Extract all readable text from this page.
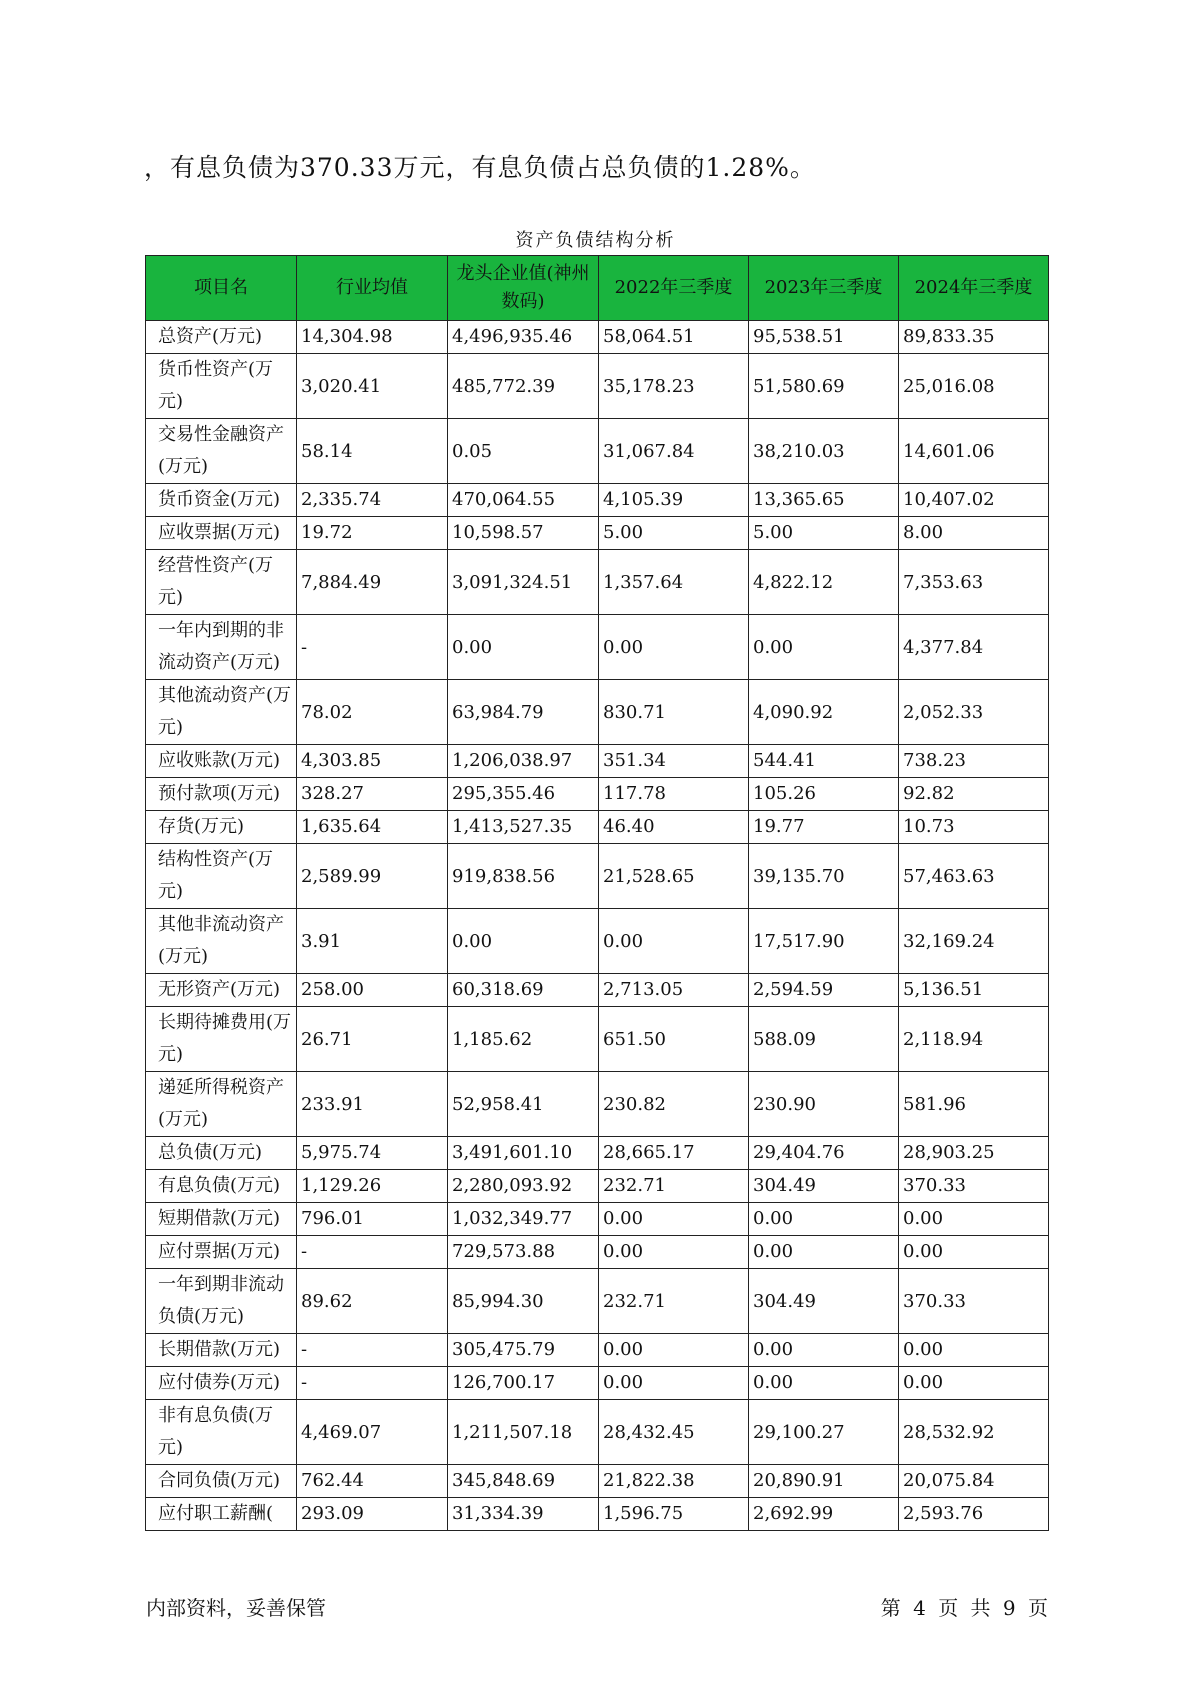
，有息负债为370.33万元，有息负债占总负债的1.28%。
资产负债结构分析
项目名	行业均值	龙头企业值(神州数码)	2022年三季度	2023年三季度	2024年三季度
总资产(万元)	14,304.98	4,496,935.46	58,064.51	95,538.51	89,833.35
货币性资产(万元)	3,020.41	485,772.39	35,178.23	51,580.69	25,016.08
交易性金融资产(万元)	58.14	0.05	31,067.84	38,210.03	14,601.06
货币资金(万元)	2,335.74	470,064.55	4,105.39	13,365.65	10,407.02
应收票据(万元)	19.72	10,598.57	5.00	5.00	8.00
经营性资产(万元)	7,884.49	3,091,324.51	1,357.64	4,822.12	7,353.63
一年内到期的非流动资产(万元)	-	0.00	0.00	0.00	4,377.84
其他流动资产(万元)	78.02	63,984.79	830.71	4,090.92	2,052.33
应收账款(万元)	4,303.85	1,206,038.97	351.34	544.41	738.23
预付款项(万元)	328.27	295,355.46	117.78	105.26	92.82
存货(万元)	1,635.64	1,413,527.35	46.40	19.77	10.73
结构性资产(万元)	2,589.99	919,838.56	21,528.65	39,135.70	57,463.63
其他非流动资产(万元)	3.91	0.00	0.00	17,517.90	32,169.24
无形资产(万元)	258.00	60,318.69	2,713.05	2,594.59	5,136.51
长期待摊费用(万元)	26.71	1,185.62	651.50	588.09	2,118.94
递延所得税资产(万元)	233.91	52,958.41	230.82	230.90	581.96
总负债(万元)	5,975.74	3,491,601.10	28,665.17	29,404.76	28,903.25
有息负债(万元)	1,129.26	2,280,093.92	232.71	304.49	370.33
短期借款(万元)	796.01	1,032,349.77	0.00	0.00	0.00
应付票据(万元)	-	729,573.88	0.00	0.00	0.00
一年到期非流动负债(万元)	89.62	85,994.30	232.71	304.49	370.33
长期借款(万元)	-	305,475.79	0.00	0.00	0.00
应付债券(万元)	-	126,700.17	0.00	0.00	0.00
非有息负债(万元)	4,469.07	1,211,507.18	28,432.45	29,100.27	28,532.92
合同负债(万元)	762.44	345,848.69	21,822.38	20,890.91	20,075.84
应付职工薪酬(	293.09	31,334.39	1,596.75	2,692.99	2,593.76
内部资料，妥善保管	第 4 页 共 9 页
